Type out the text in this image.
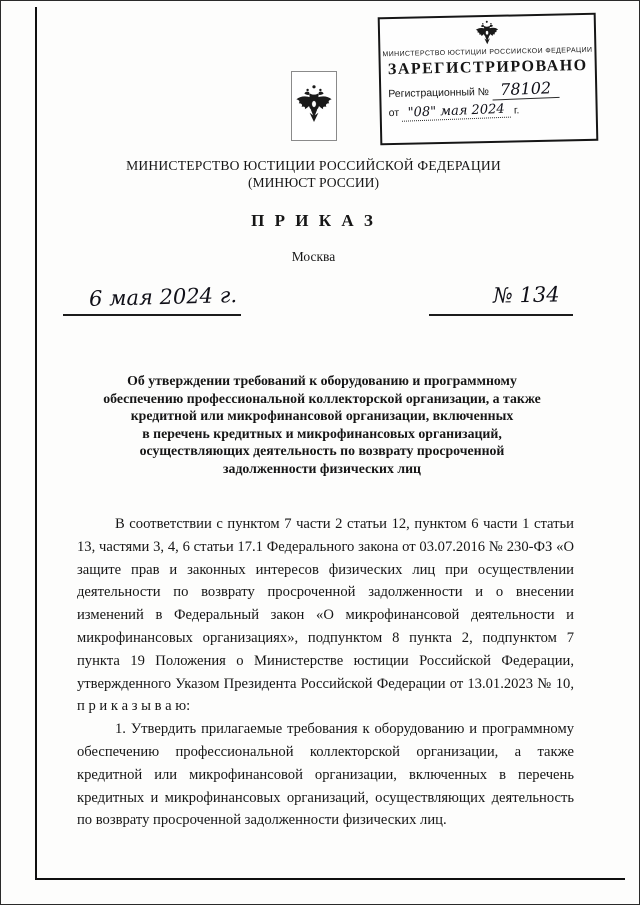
МИНИСТЕРСТВО ЮСТИЦИИ РОССИЙСКОЙ ФЕДЕРАЦИИ
ЗАРЕГИСТРИРОВАНО
Регистрационный № 78102
от "08" мая 2024 г.
МИНИСТЕРСТВО ЮСТИЦИИ РОССИЙСКОЙ ФЕДЕРАЦИИ
(МИНЮСТ РОССИИ)
П Р И К А З
Москва
6 мая 2024 г.	№ 134
Об утверждении требований к оборудованию и программному
обеспечению профессиональной коллекторской организации, а также
кредитной или микрофинансовой организации, включенных
в перечень кредитных и микрофинансовых организаций,
осуществляющих деятельность по возврату просроченной
задолженности физических лиц

В соответствии с пунктом 7 части 2 статьи 12, пунктом 6 части 1 статьи 13, частями 3, 4, 6 статьи 17.1 Федерального закона от 03.07.2016 № 230-ФЗ «О защите прав и законных интересов физических лиц при осуществлении деятельности по возврату просроченной задолженности и о внесении изменений в Федеральный закон «О микрофинансовой деятельности и микрофинансовых организациях», подпунктом 8 пункта 2, подпунктом 7 пункта 19 Положения о Министерстве юстиции Российской Федерации, утвержденного Указом Президента Российской Федерации от 13.01.2023 № 10, п р и к а з ы в а ю:

1. Утвердить прилагаемые требования к оборудованию и программному обеспечению профессиональной коллекторской организации, а также кредитной или микрофинансовой организации, включенных в перечень кредитных и микрофинансовых организаций, осуществляющих деятельность по возврату просроченной задолженности физических лиц.
